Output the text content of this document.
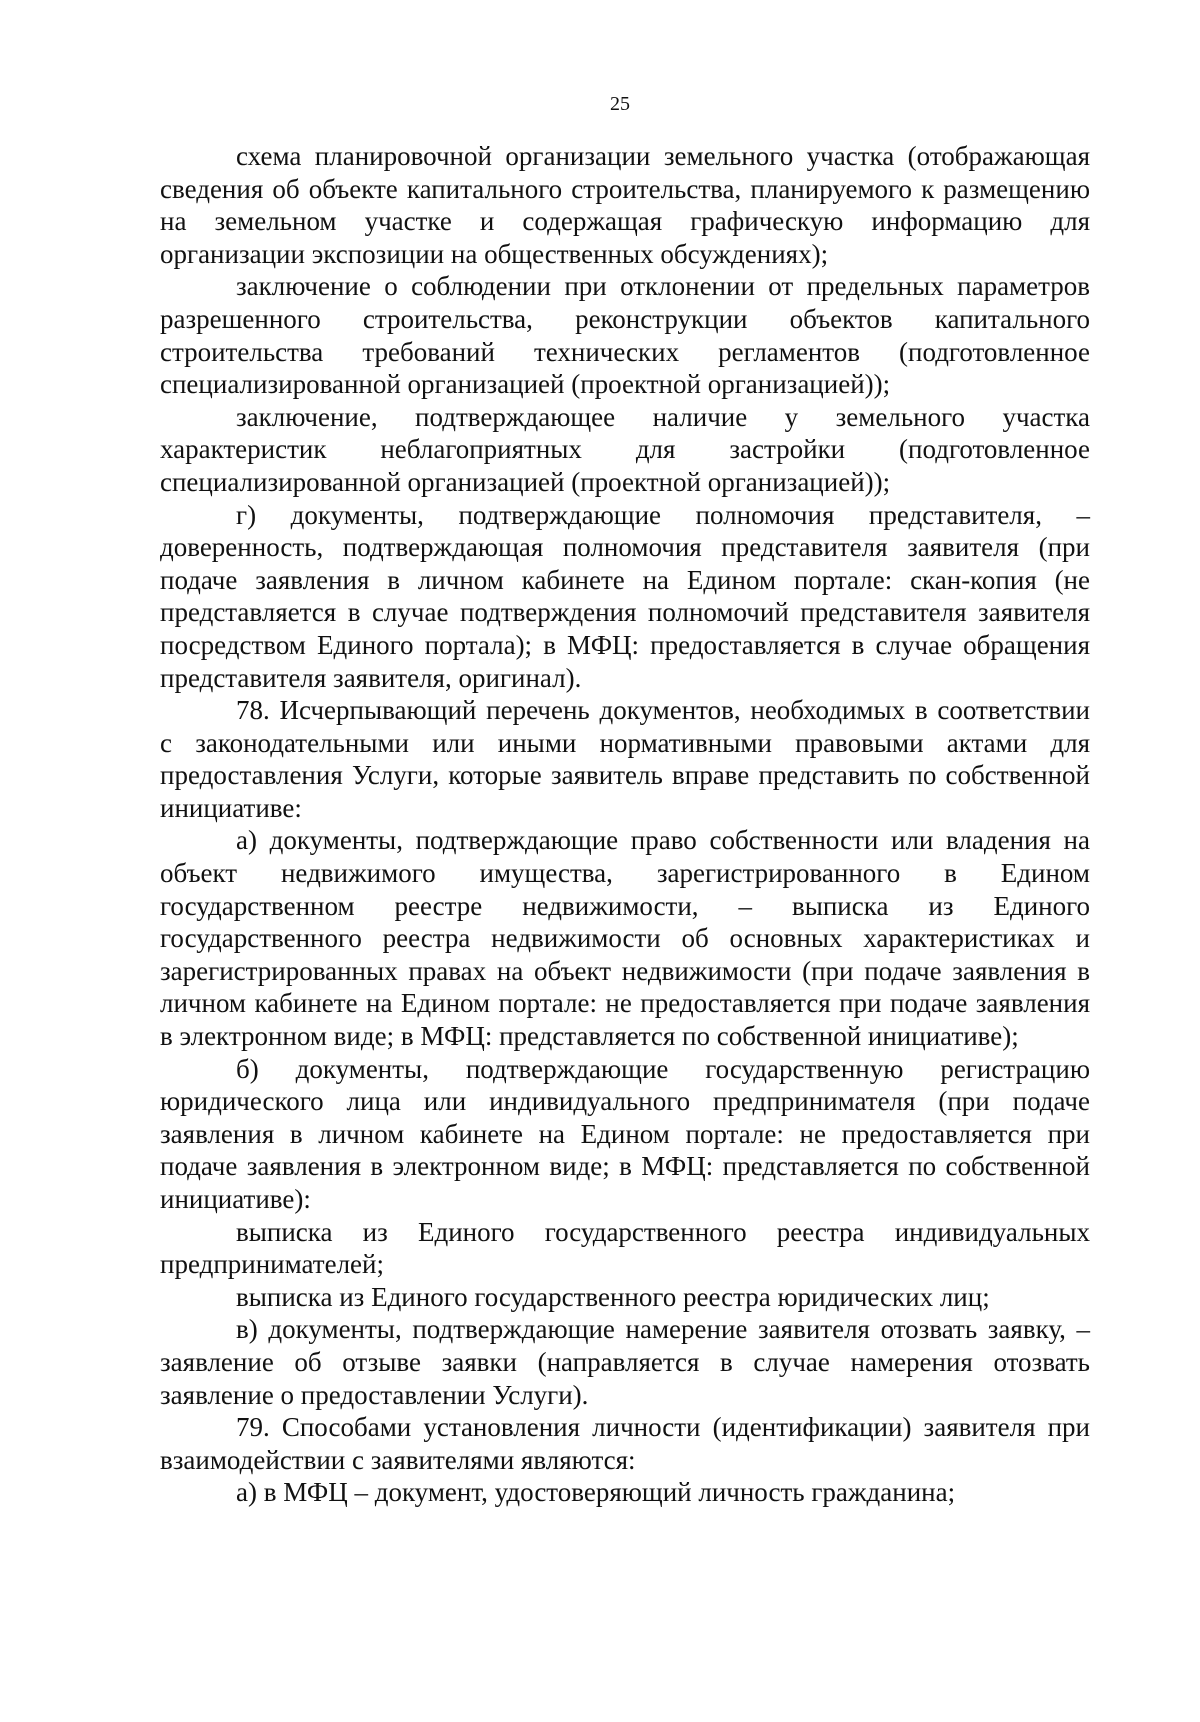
25

схема планировочной организации земельного участка (отображающая сведения об объекте капитального строительства, планируемого к размещению на земельном участке и содержащая графическую информацию для организации экспозиции на общественных обсуждениях);

заключение о соблюдении при отклонении от предельных параметров разрешенного строительства, реконструкции объектов капитального строительства требований технических регламентов (подготовленное специализированной организацией (проектной организацией));

заключение, подтверждающее наличие у земельного участка характеристик неблагоприятных для застройки (подготовленное специализированной организацией (проектной организацией));

г) документы, подтверждающие полномочия представителя, – доверенность, подтверждающая полномочия представителя заявителя (при подаче заявления в личном кабинете на Едином портале: скан-копия (не представляется в случае подтверждения полномочий представителя заявителя посредством Единого портала); в МФЦ: предоставляется в случае обращения представителя заявителя, оригинал).

78. Исчерпывающий перечень документов, необходимых в соответствии с законодательными или иными нормативными правовыми актами для предоставления Услуги, которые заявитель вправе представить по собственной инициативе:

а) документы, подтверждающие право собственности или владения на объект недвижимого имущества, зарегистрированного в Едином государственном реестре недвижимости, – выписка из Единого государственного реестра недвижимости об основных характеристиках и зарегистрированных правах на объект недвижимости (при подаче заявления в личном кабинете на Едином портале: не предоставляется при подаче заявления в электронном виде; в МФЦ: представляется по собственной инициативе);

б) документы, подтверждающие государственную регистрацию юридического лица или индивидуального предпринимателя (при подаче заявления в личном кабинете на Едином портале: не предоставляется при подаче заявления в электронном виде; в МФЦ: представляется по собственной инициативе):

выписка из Единого государственного реестра индивидуальных предпринимателей;

выписка из Единого государственного реестра юридических лиц;

в) документы, подтверждающие намерение заявителя отозвать заявку, – заявление об отзыве заявки (направляется в случае намерения отозвать заявление о предоставлении Услуги).

79. Способами установления личности (идентификации) заявителя при взаимодействии с заявителями являются:

а) в МФЦ – документ, удостоверяющий личность гражданина;
